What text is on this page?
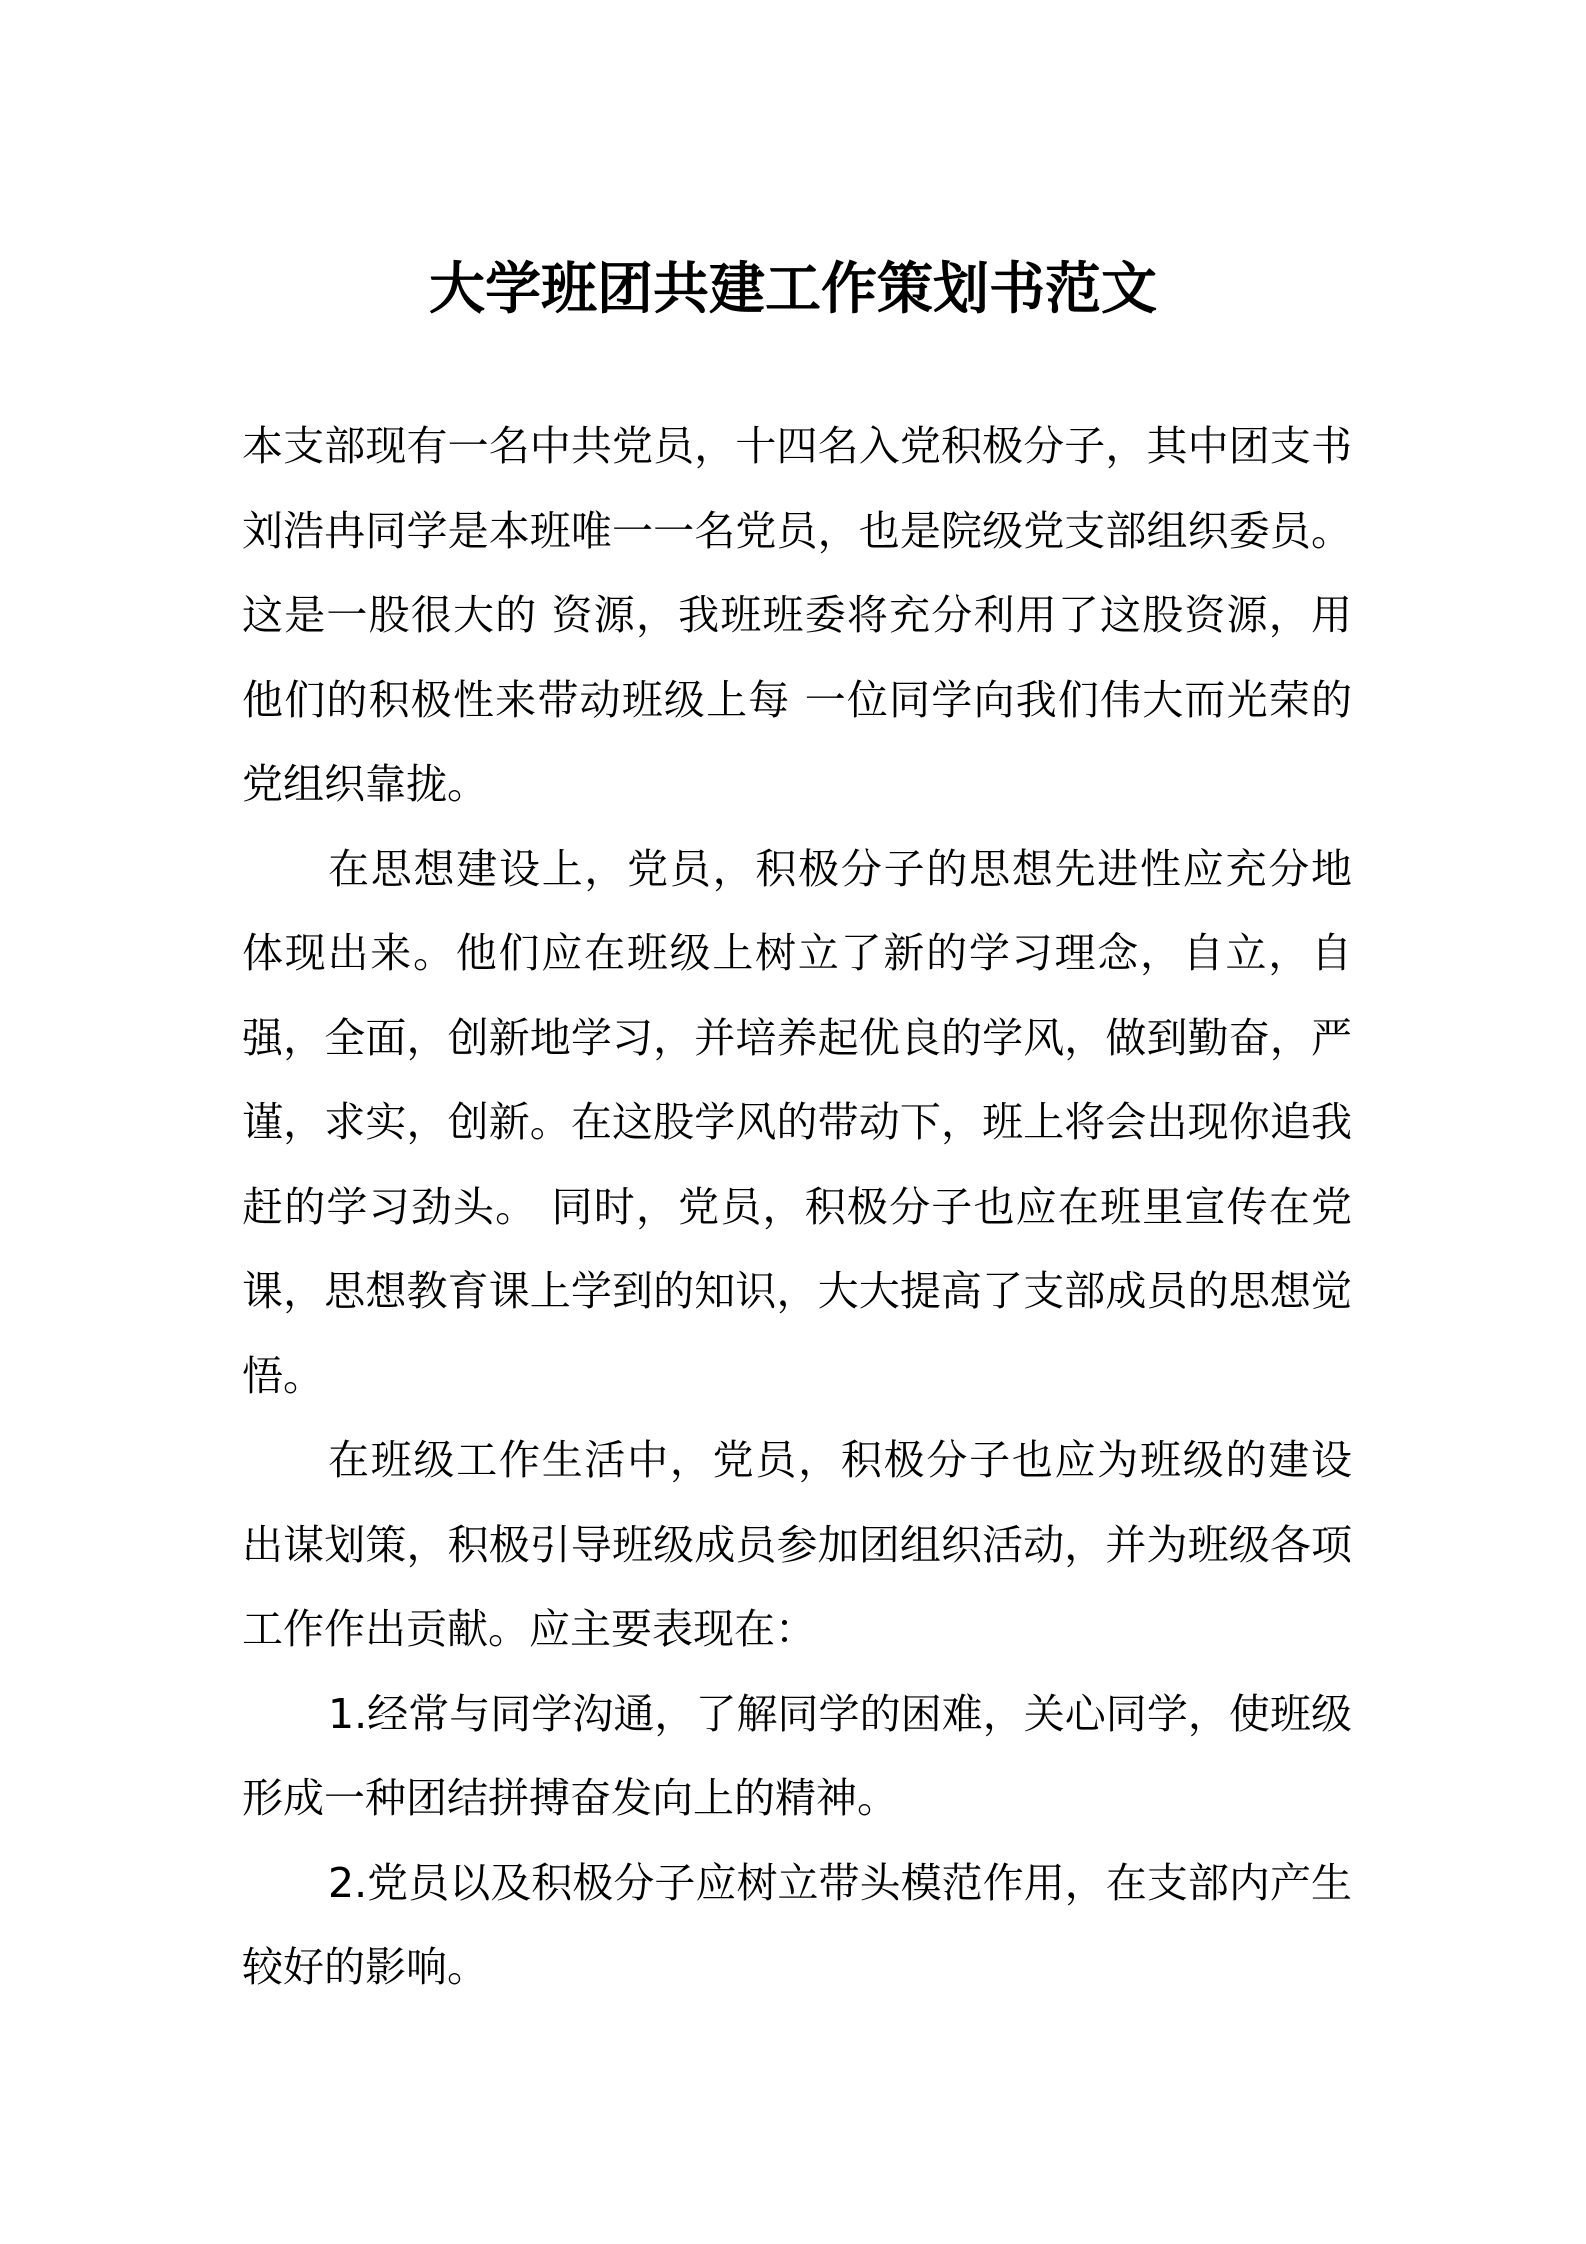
大学班团共建工作策划书范文

本支部现有一名中共党员，十四名入党积极分子，其中团支书刘浩冉同学是本班唯一一名党员，也是院级党支部组织委员。这是一股很大的 资源，我班班委将充分利用了这股资源，用他们的积极性来带动班级上每 一位同学向我们伟大而光荣的党组织靠拢。

在思想建设上，党员，积极分子的思想先进性应充分地体现出来。他们应在班级上树立了新的学习理念，自立，自强，全面，创新地学习，并培养起优良的学风，做到勤奋，严谨，求实，创新。在这股学风的带动下，班上将会出现你追我赶的学习劲头。 同时，党员，积极分子也应在班里宣传在党课，思想教育课上学到的知识，大大提高了支部成员的思想觉悟。

在班级工作生活中，党员，积极分子也应为班级的建设出谋划策，积极引导班级成员参加团组织活动，并为班级各项工作作出贡献。应主要表现在：

1.经常与同学沟通，了解同学的困难，关心同学，使班级形成一种团结拼搏奋发向上的精神。

2.党员以及积极分子应树立带头模范作用，在支部内产生较好的影响。
